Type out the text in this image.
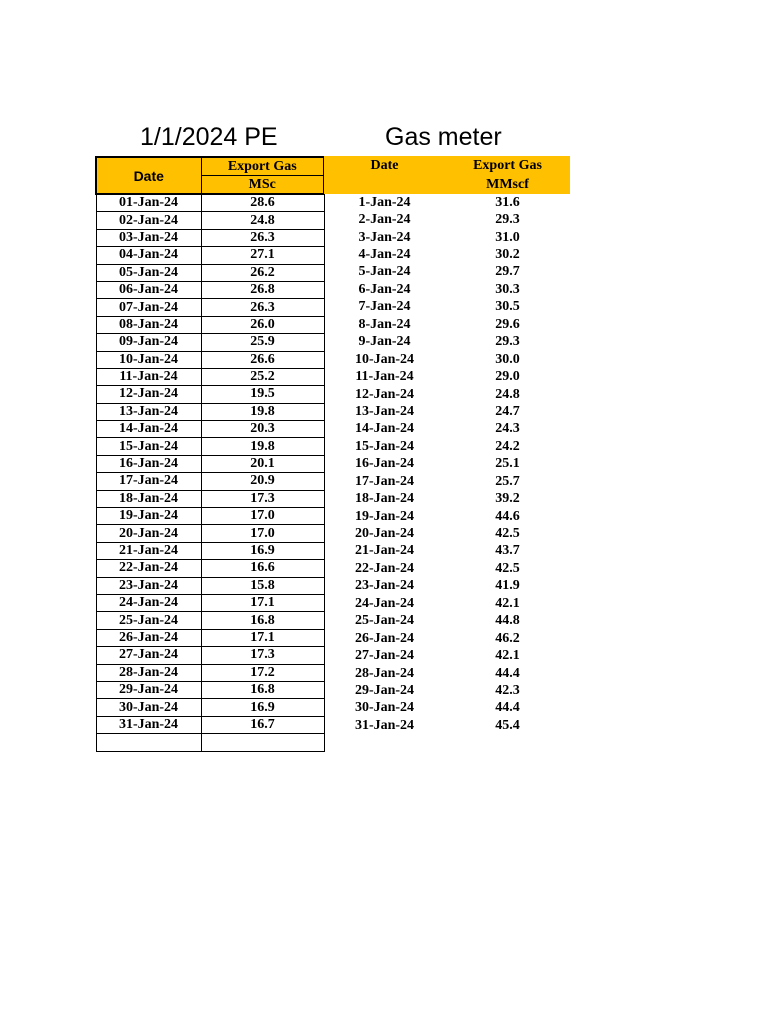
1/1/2024 PE	Gas meter
Date	Export Gas
	MSc
01-Jan-24	28.6
02-Jan-24	24.8
03-Jan-24	26.3
04-Jan-24	27.1
05-Jan-24	26.2
06-Jan-24	26.8
07-Jan-24	26.3
08-Jan-24	26.0
09-Jan-24	25.9
10-Jan-24	26.6
11-Jan-24	25.2
12-Jan-24	19.5
13-Jan-24	19.8
14-Jan-24	20.3
15-Jan-24	19.8
16-Jan-24	20.1
17-Jan-24	20.9
18-Jan-24	17.3
19-Jan-24	17.0
20-Jan-24	17.0
21-Jan-24	16.9
22-Jan-24	16.6
23-Jan-24	15.8
24-Jan-24	17.1
25-Jan-24	16.8
26-Jan-24	17.1
27-Jan-24	17.3
28-Jan-24	17.2
29-Jan-24	16.8
30-Jan-24	16.9
31-Jan-24	16.7

Date	Export Gas
	MMscf
1-Jan-24	31.6
2-Jan-24	29.3
3-Jan-24	31.0
4-Jan-24	30.2
5-Jan-24	29.7
6-Jan-24	30.3
7-Jan-24	30.5
8-Jan-24	29.6
9-Jan-24	29.3
10-Jan-24	30.0
11-Jan-24	29.0
12-Jan-24	24.8
13-Jan-24	24.7
14-Jan-24	24.3
15-Jan-24	24.2
16-Jan-24	25.1
17-Jan-24	25.7
18-Jan-24	39.2
19-Jan-24	44.6
20-Jan-24	42.5
21-Jan-24	43.7
22-Jan-24	42.5
23-Jan-24	41.9
24-Jan-24	42.1
25-Jan-24	44.8
26-Jan-24	46.2
27-Jan-24	42.1
28-Jan-24	44.4
29-Jan-24	42.3
30-Jan-24	44.4
31-Jan-24	45.4
